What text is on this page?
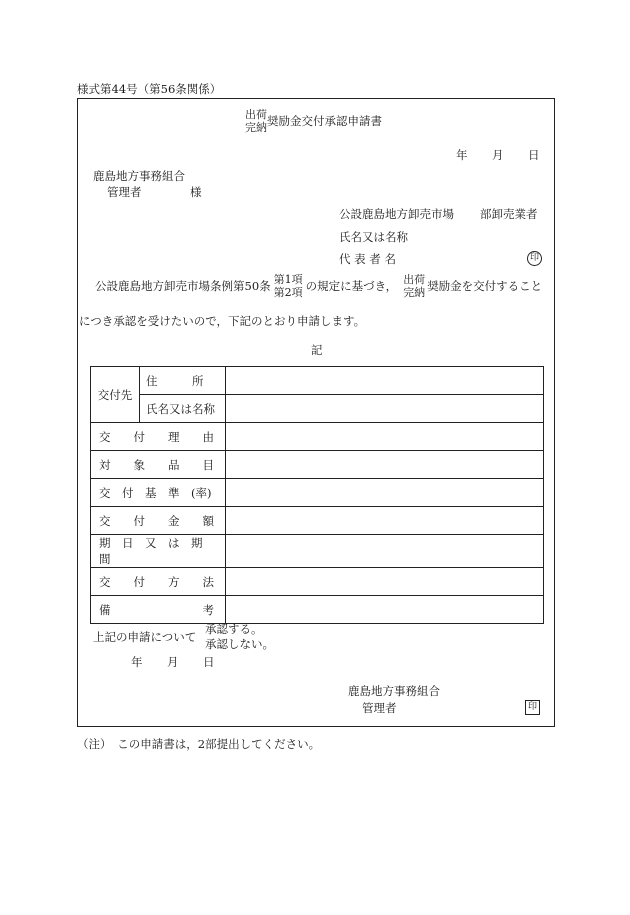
様式第44号（第56条関係）
出荷
完納 奨励金交付承認申請書
年 月 日
鹿島地方事務組合
管理者	様
公設鹿島地方卸売市場 部卸売業者
氏名又は名称
代 表 者 名	印
公設鹿島地方卸売市場条例第50条 第1項
第2項 の規定に基づき， 出荷
完納 奨励金を交付すること
につき承認を受けたいので，下記のとおり申請します。
記
交付先	住　　　所	

	氏名又は名称	
交　　付　　理　　由		
対　　象　　品　　目		
交　付　基　準　(率)		
交　　付　　金　　額		
期　日　又　は　期　間		
交　　付　　方　　法		
備　　　　　　　　考		
上記の申請について
承認する。
承認しない。
年 月 日
鹿島地方事務組合
管理者	印
（注）　この申請書は，2部提出してください。
